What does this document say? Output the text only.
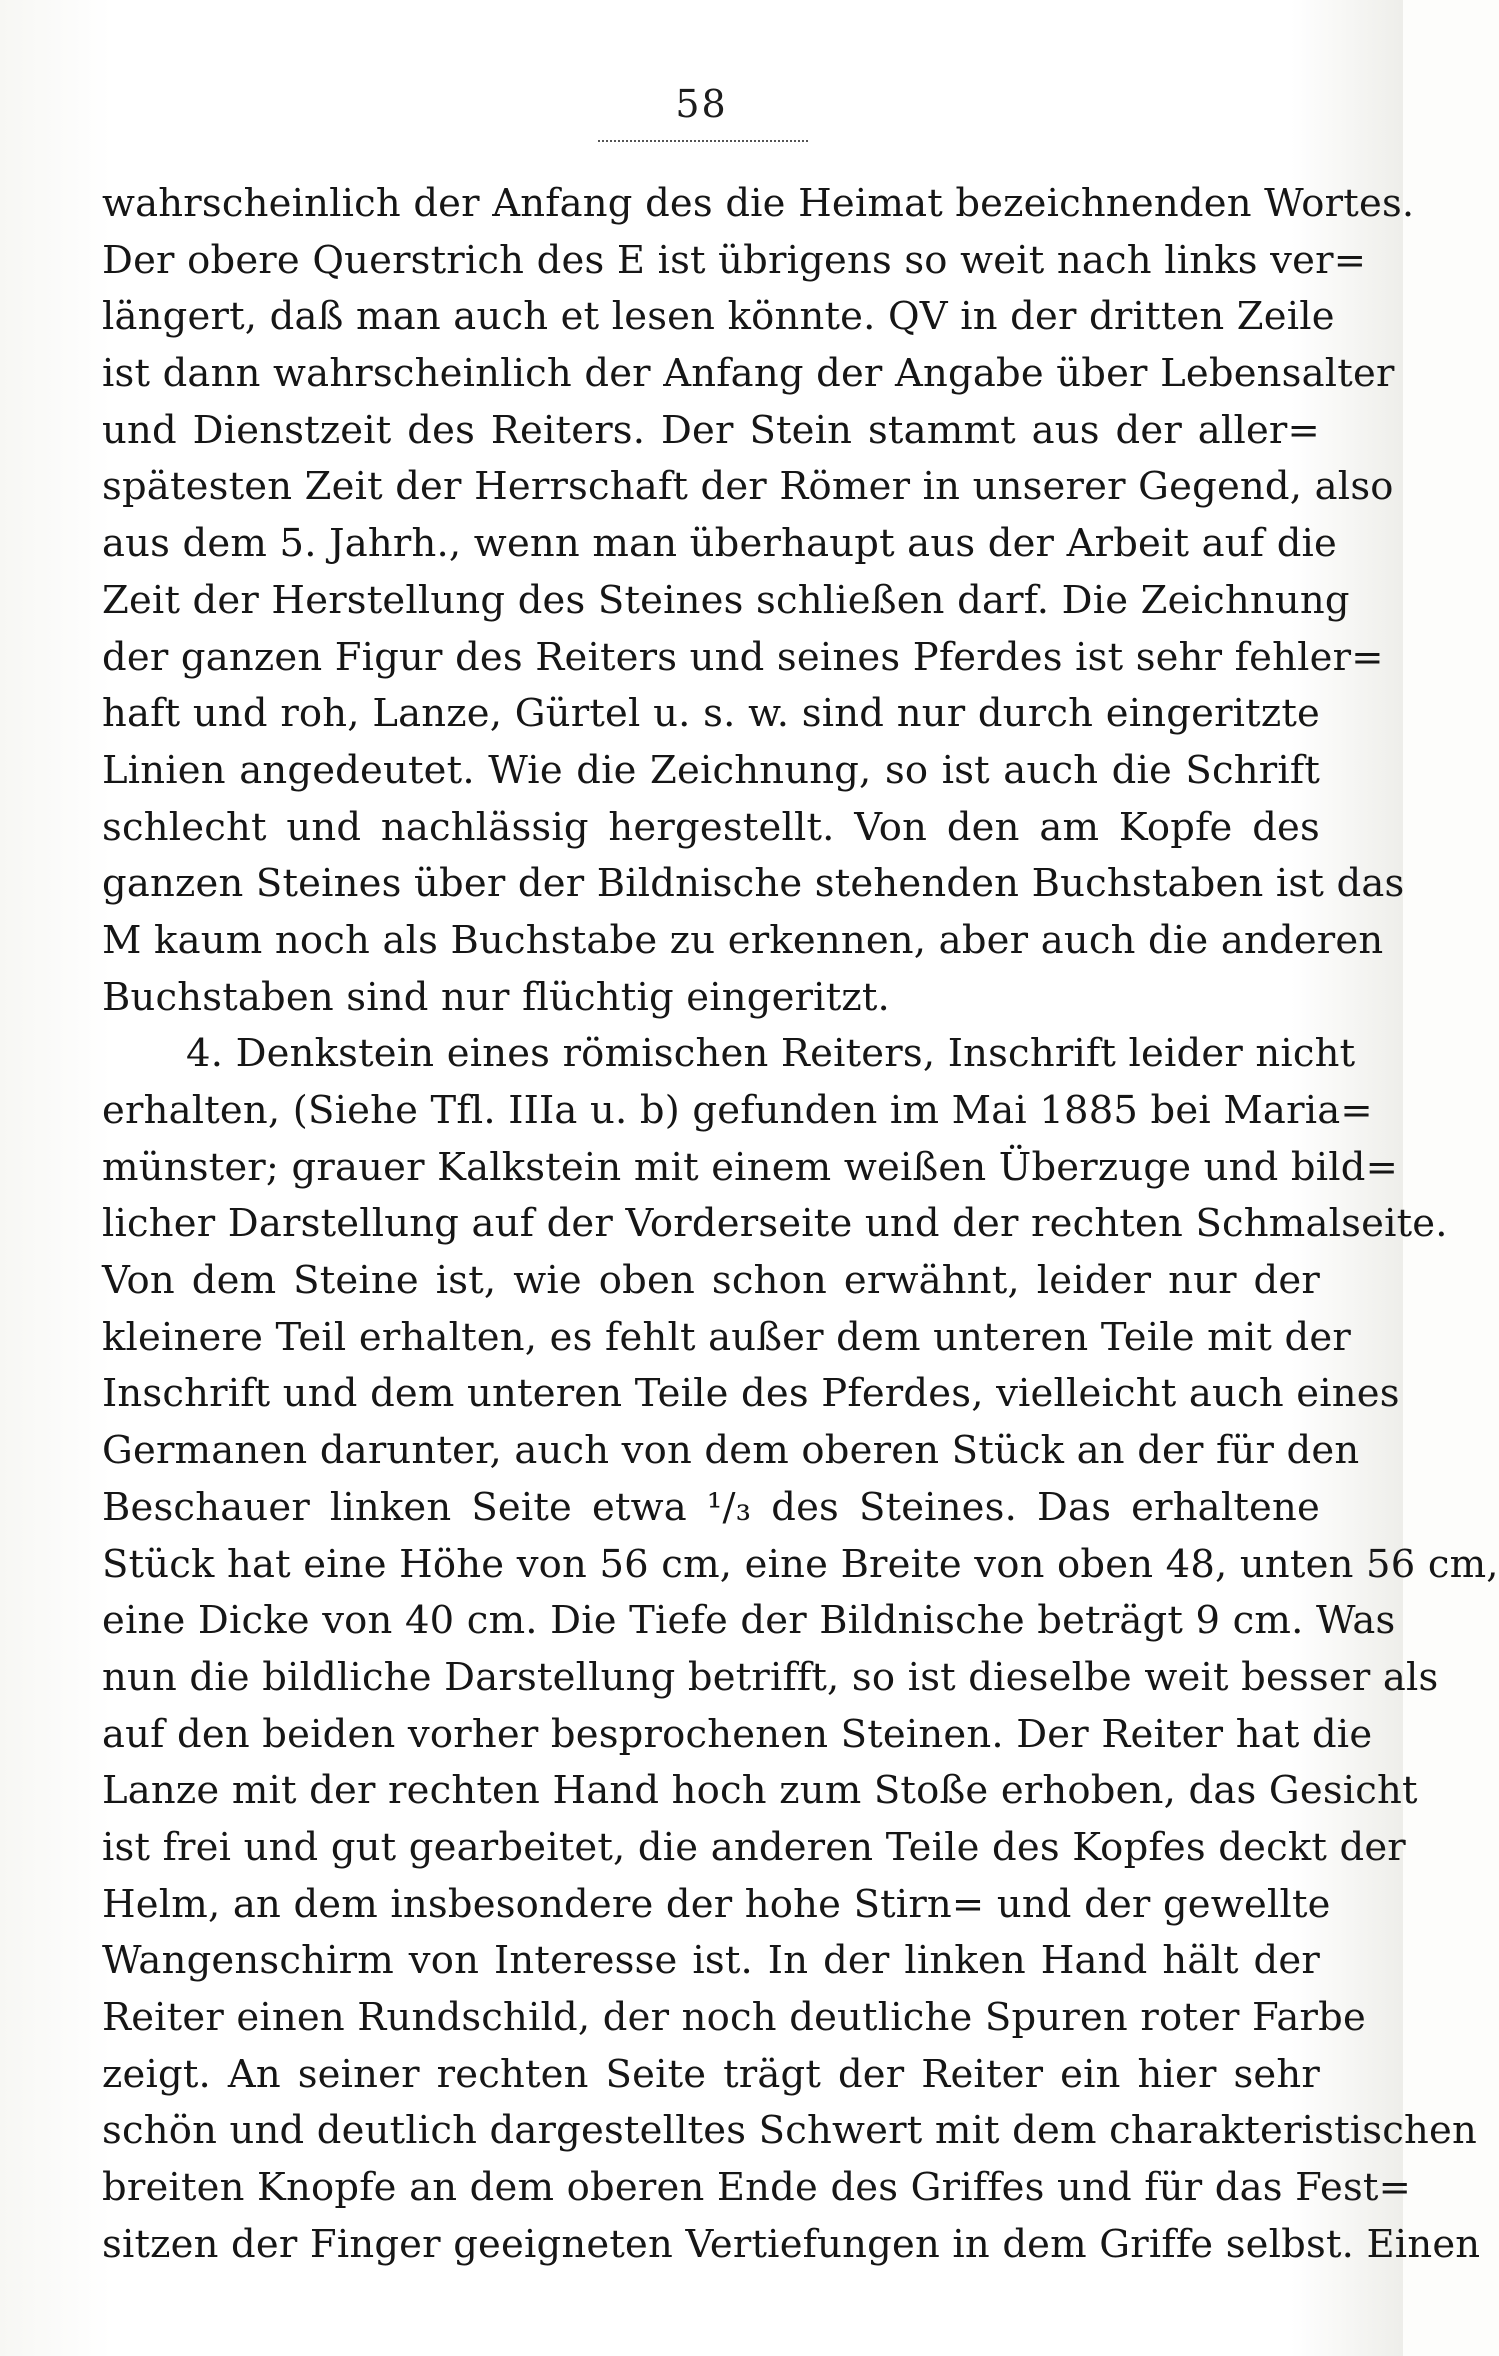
58
wahrscheinlich der Anfang des die Heimat bezeichnenden Wortes.
Der obere Querstrich des E ist übrigens so weit nach links ver=
längert, daß man auch et lesen könnte. QV in der dritten Zeile
ist dann wahrscheinlich der Anfang der Angabe über Lebensalter
und Dienstzeit des Reiters. Der Stein stammt aus der aller=
spätesten Zeit der Herrschaft der Römer in unserer Gegend, also
aus dem 5. Jahrh., wenn man überhaupt aus der Arbeit auf die
Zeit der Herstellung des Steines schließen darf. Die Zeichnung
der ganzen Figur des Reiters und seines Pferdes ist sehr fehler=
haft und roh, Lanze, Gürtel u. s. w. sind nur durch eingeritzte
Linien angedeutet. Wie die Zeichnung, so ist auch die Schrift
schlecht und nachlässig hergestellt. Von den am Kopfe des
ganzen Steines über der Bildnische stehenden Buchstaben ist das
M kaum noch als Buchstabe zu erkennen, aber auch die anderen
Buchstaben sind nur flüchtig eingeritzt.
4. Denkstein eines römischen Reiters, Inschrift leider nicht
erhalten, (Siehe Tfl. IIIa u. b) gefunden im Mai 1885 bei Maria=
münster; grauer Kalkstein mit einem weißen Überzuge und bild=
licher Darstellung auf der Vorderseite und der rechten Schmalseite.
Von dem Steine ist, wie oben schon erwähnt, leider nur der
kleinere Teil erhalten, es fehlt außer dem unteren Teile mit der
Inschrift und dem unteren Teile des Pferdes, vielleicht auch eines
Germanen darunter, auch von dem oberen Stück an der für den
Beschauer linken Seite etwa ¹/₃ des Steines. Das erhaltene
Stück hat eine Höhe von 56 cm, eine Breite von oben 48, unten 56 cm,
eine Dicke von 40 cm. Die Tiefe der Bildnische beträgt 9 cm. Was
nun die bildliche Darstellung betrifft, so ist dieselbe weit besser als
auf den beiden vorher besprochenen Steinen. Der Reiter hat die
Lanze mit der rechten Hand hoch zum Stoße erhoben, das Gesicht
ist frei und gut gearbeitet, die anderen Teile des Kopfes deckt der
Helm, an dem insbesondere der hohe Stirn= und der gewellte
Wangenschirm von Interesse ist. In der linken Hand hält der
Reiter einen Rundschild, der noch deutliche Spuren roter Farbe
zeigt. An seiner rechten Seite trägt der Reiter ein hier sehr
schön und deutlich dargestelltes Schwert mit dem charakteristischen
breiten Knopfe an dem oberen Ende des Griffes und für das Fest=
sitzen der Finger geeigneten Vertiefungen in dem Griffe selbst. Einen
